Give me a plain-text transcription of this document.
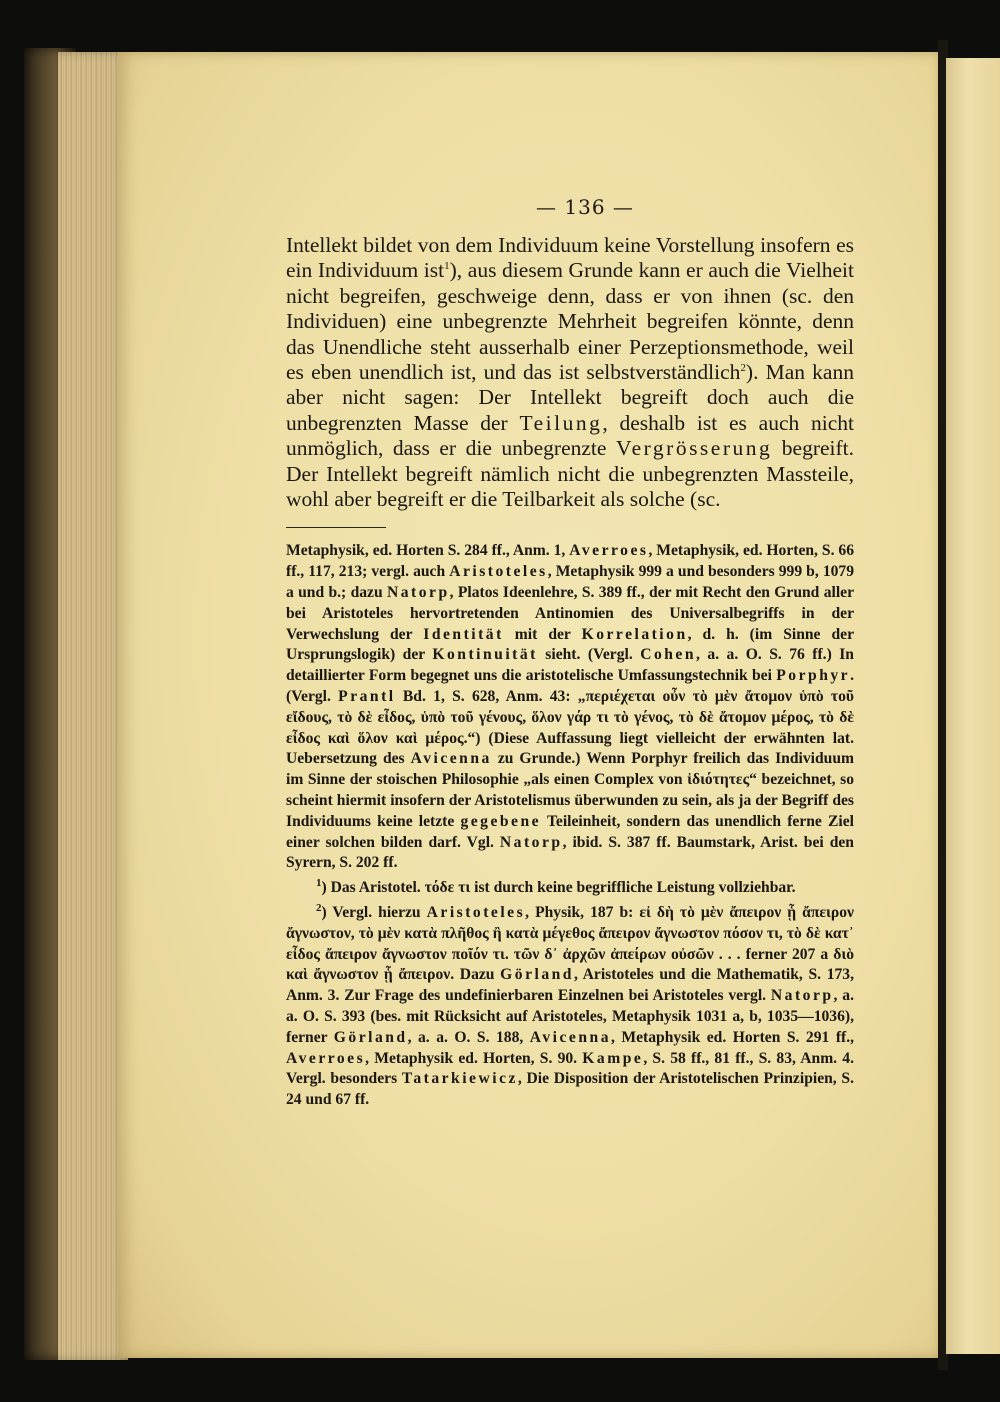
— 136 —

Intellekt bildet von dem Individuum keine Vorstellung insofern es ein Individuum ist$^1$), aus diesem Grunde kann er auch die Vielheit nicht begreifen, geschweige denn, dass er von ihnen (sc. den Individuen) eine unbegrenzte Mehrheit begreifen könnte, denn das Unendliche steht ausserhalb einer Perzeptionsmethode, weil es eben unendlich ist, und das ist selbstverständlich$^2$). Man kann aber nicht sagen: Der Intellekt begreift doch auch die unbegrenzten Masse der Teilung, deshalb ist es auch nicht unmöglich, dass er die unbegrenzte Vergrösserung begreift. Der Intellekt begreift nämlich nicht die unbegrenzten Massteile, wohl aber begreift er die Teilbarkeit als solche (sc.

Metaphysik, ed. Horten S. 284 ff., Anm. 1, Averroes, Metaphysik, ed. Horten, S. 66 ff., 117, 213; vergl. auch Aristoteles, Metaphysik 999 a und besonders 999 b, 1079 a und b.; dazu Natorp, Platos Ideenlehre, S. 389 ff., der mit Recht den Grund aller bei Aristoteles hervortretenden Antinomien des Universalbegriffs in der Verwechslung der Identität mit der Korrelation, d. h. (im Sinne der Ursprungslogik) der Kontinuität sieht. (Vergl. Cohen, a. a. O. S. 76 ff.) In detaillierter Form begegnet uns die aristotelische Umfassungstechnik bei Porphyr. (Vergl. Prantl Bd. 1, S. 628, Anm. 43: „περιέχεται οὖν τὸ μὲν ἄτομον ὑπὸ τοῦ εἴδους, τὸ δὲ εἶδος, ὑπὸ τοῦ γένους, ὅλον γάρ τι τὸ γένος, τὸ δὲ ἄτομον μέρος, τὸ δὲ εἶδος καὶ ὅλον καὶ μέρος.“) (Diese Auffassung liegt vielleicht der erwähnten lat. Uebersetzung des Avicenna zu Grunde.) Wenn Porphyr freilich das Individuum im Sinne der stoischen Philosophie „als einen Complex von ἰδιότητες“ bezeichnet, so scheint hiermit insofern der Aristotelismus überwunden zu sein, als ja der Begriff des Individuums keine letzte gegebene Teileinheit, sondern das unendlich ferne Ziel einer solchen bilden darf. Vgl. Natorp, ibid. S. 387 ff. Baumstark, Arist. bei den Syrern, S. 202 ff.

$^1$) Das Aristotel. τόδε τι ist durch keine begriffliche Leistung vollziehbar.

$^2$) Vergl. hierzu Aristoteles, Physik, 187 b: εἰ δὴ τὸ μὲν ἄπειρον ᾗ ἄπειρον ἄγνωστον, τὸ μὲν κατὰ πλῆθος ἢ κατὰ μέγεθος ἄπειρον ἄγνωστον πόσον τι, τὸ δὲ κατ᾽ εἶδος ἄπειρον ἄγνωστον ποῖόν τι. τῶν δ᾽ ἀρχῶν ἀπείρων οὐσῶν . . . ferner 207 a διὸ καὶ ἄγνωστον ᾗ ἄπειρον. Dazu Görland, Aristoteles und die Mathematik, S. 173, Anm. 3. Zur Frage des undefinierbaren Einzelnen bei Aristoteles vergl. Natorp, a. a. O. S. 393 (bes. mit Rücksicht auf Aristoteles, Metaphysik 1031 a, b, 1035—1036), ferner Görland, a. a. O. S. 188, Avicenna, Metaphysik ed. Horten S. 291 ff., Averroes, Metaphysik ed. Horten, S. 90. Kampe, S. 58 ff., 81 ff., S. 83, Anm. 4. Vergl. besonders Tatarkiewicz, Die Disposition der Aristotelischen Prinzipien, S. 24 und 67 ff.
